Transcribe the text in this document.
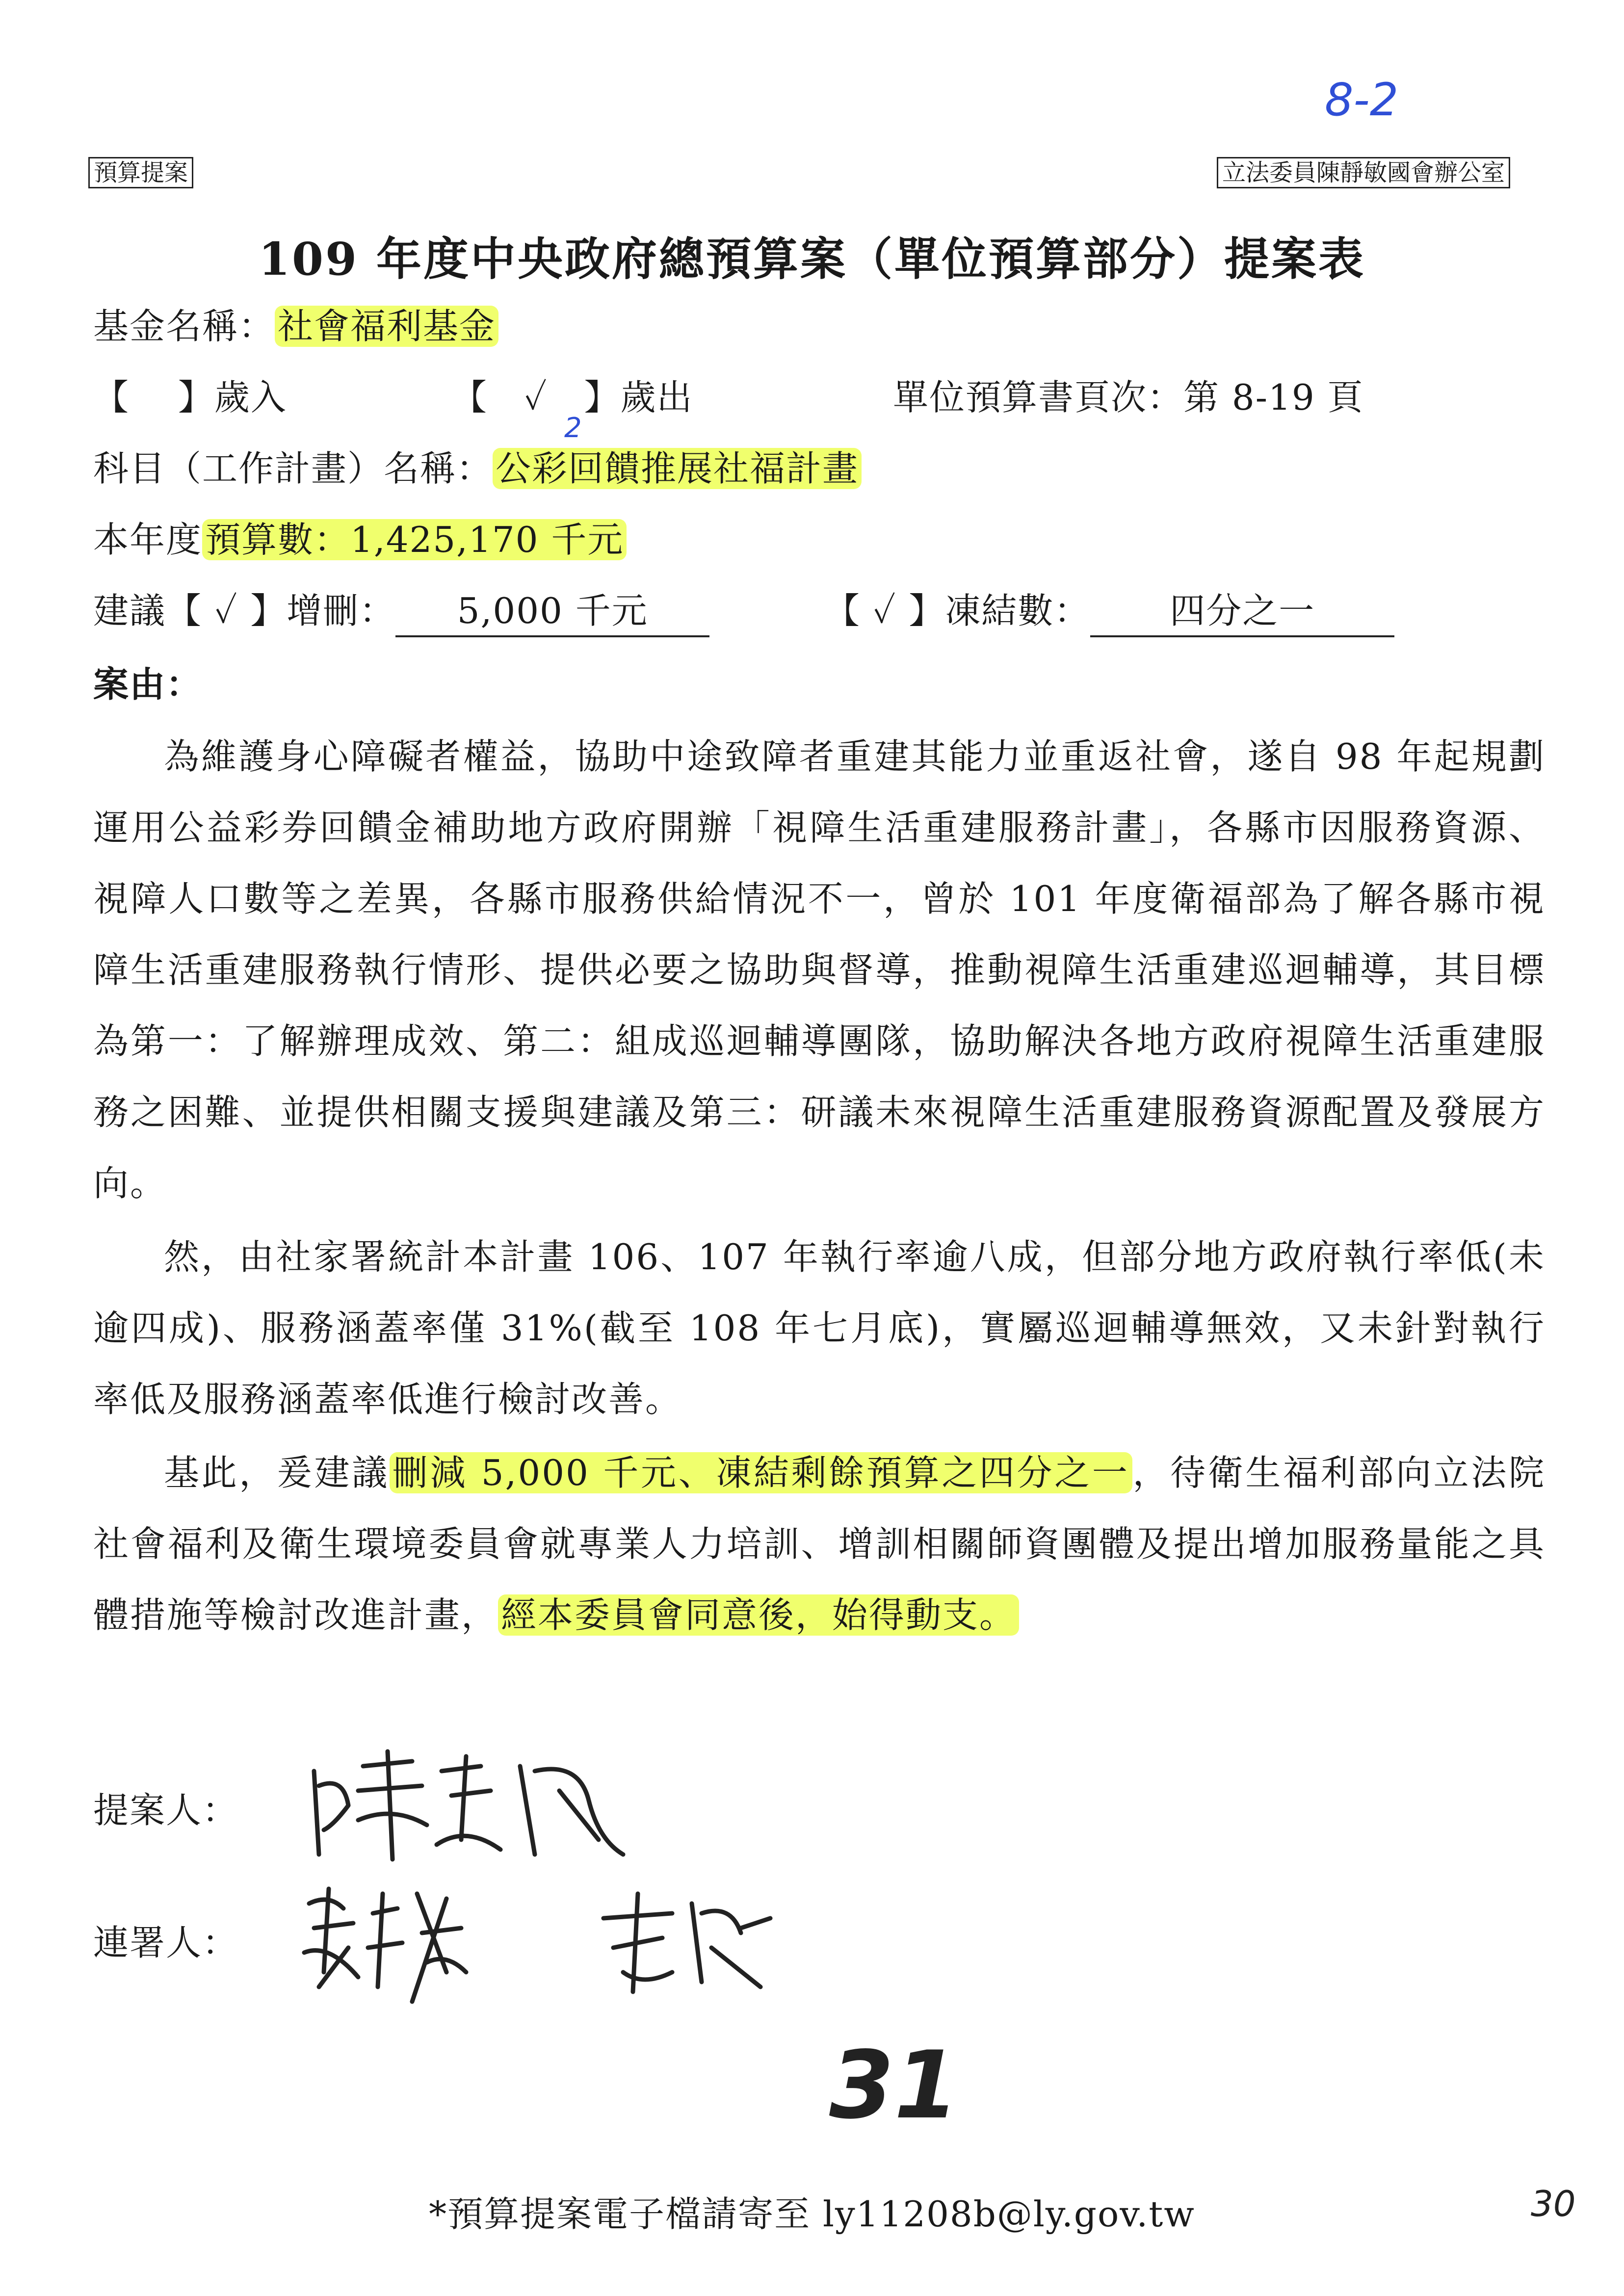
8-2
預算提案	立法委員陳靜敏國會辦公室
109 年度中央政府總預算案（單位預算部分）提案表
基金名稱：社會福利基金
【　 】歲入	【　✓　】歲出	單位預算書頁次：第 8-19 頁
科目（工作計畫）名稱：公彩回饋推展社福計畫
2
本年度預算數：1,425,170 千元
建議【 ✓ 】增刪： 5,000 千元	【 ✓ 】凍結數： 四分之一
案由：
為維護身心障礙者權益，協助中途致障者重建其能力並重返社會，遂自 98 年起規劃運用公益彩券回饋金補助地方政府開辦「視障生活重建服務計畫」，各縣市因服務資源、視障人口數等之差異，各縣市服務供給情況不一，曾於 101 年度衛福部為了解各縣市視障生活重建服務執行情形、提供必要之協助與督導，推動視障生活重建巡迴輔導，其目標為第一：了解辦理成效、第二：組成巡迴輔導團隊，協助解決各地方政府視障生活重建服務之困難、並提供相關支援與建議及第三：研議未來視障生活重建服務資源配置及發展方向。
然，由社家署統計本計畫 106、107 年執行率逾八成，但部分地方政府執行率低(未逾四成)、服務涵蓋率僅 31%(截至 108 年七月底)，實屬巡迴輔導無效，又未針對執行率低及服務涵蓋率低進行檢討改善。
基此，爰建議刪減 5,000 千元、凍結剩餘預算之四分之一，待衛生福利部向立法院社會福利及衛生環境委員會就專業人力培訓、增訓相關師資團體及提出增加服務量能之具體措施等檢討改進計畫，經本委員會同意後，始得動支。
提案人：
連署人：
31
*預算提案電子檔請寄至 ly11208b@ly.gov.tw	30
